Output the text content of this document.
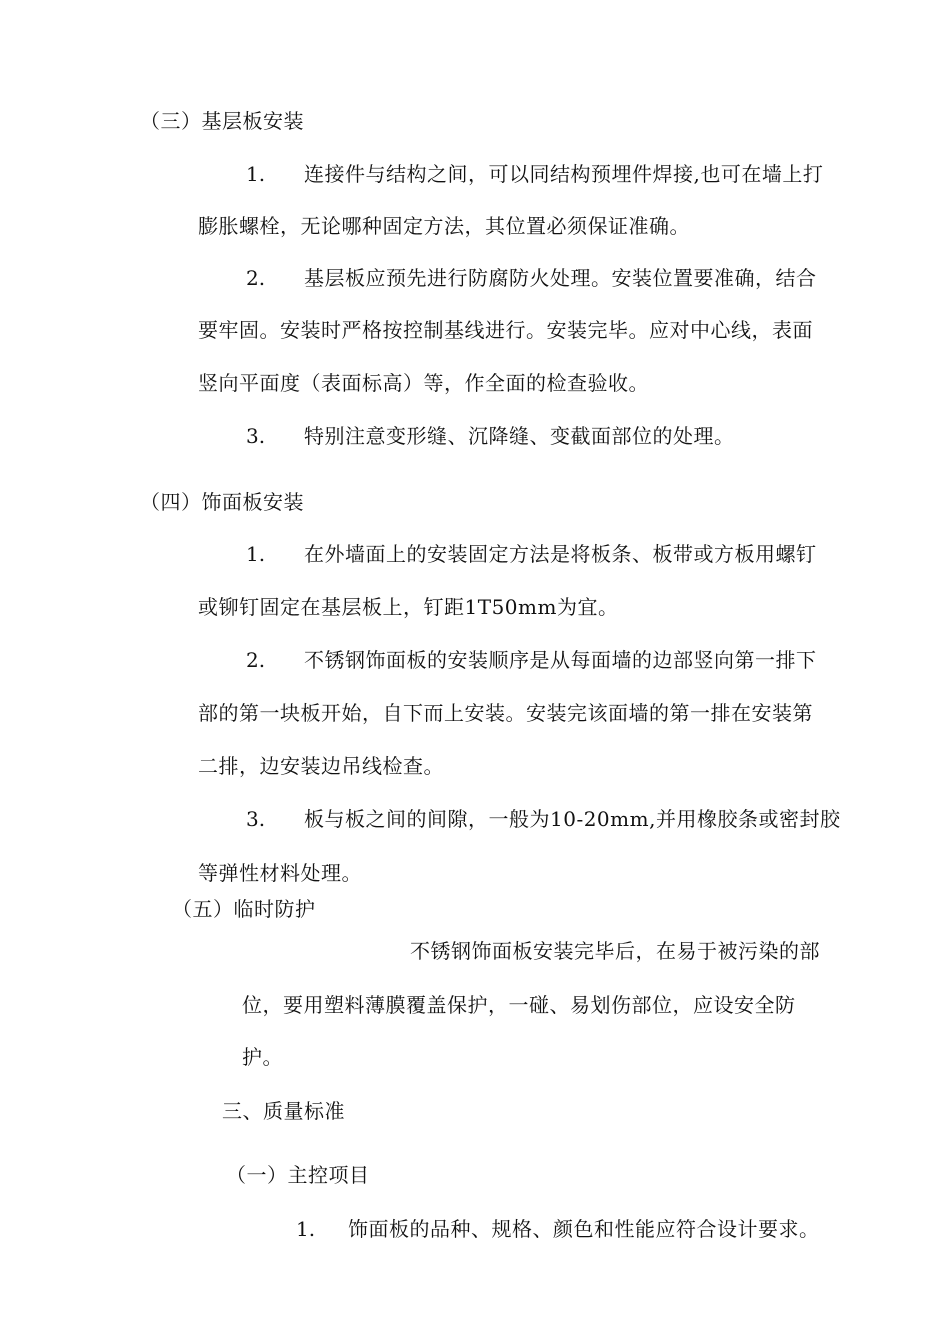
（三）基层板安装
1. 连接件与结构之间，可以同结构预埋件焊接,也可在墙上打
膨胀螺栓，无论哪种固定方法，其位置必须保证准确。
2. 基层板应预先进行防腐防火处理。安装位置要准确，结合
要牢固。安装时严格按控制基线进行。安装完毕。应对中心线，表面
竖向平面度（表面标高）等，作全面的检查验收。
3. 特别注意变形缝、沉降缝、变截面部位的处理。
（四）饰面板安装
1. 在外墙面上的安装固定方法是将板条、板带或方板用螺钉
或铆钉固定在基层板上，钉距1T50mm为宜。
2. 不锈钢饰面板的安装顺序是从每面墙的边部竖向第一排下
部的第一块板开始，自下而上安装。安装完该面墙的第一排在安装第
二排，边安装边吊线检查。
3. 板与板之间的间隙，一般为10-20mm,并用橡胶条或密封胶
等弹性材料处理。
（五）临时防护
不锈钢饰面板安装完毕后，在易于被污染的部
位，要用塑料薄膜覆盖保护，一碰、易划伤部位，应设安全防
护。
三、质量标准
（一）主控项目
1. 饰面板的品种、规格、颜色和性能应符合设计要求。
